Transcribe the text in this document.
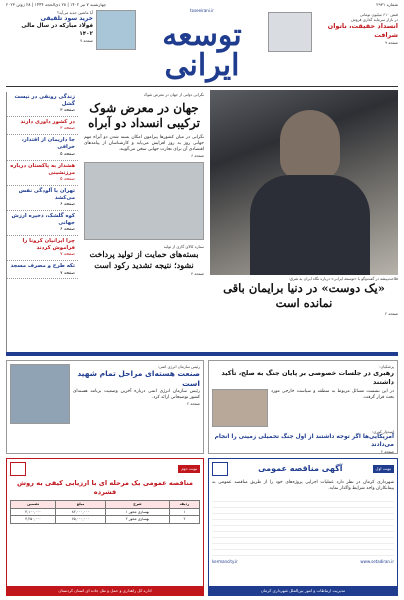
شماره ۲۹۳۱
چهارشنبه ۷ تیر ۱۴۰۲ | ۲۸ ذی‌الحجه ۱۴۴۴ | ۲۸ ژوئن ۲۰۲۳
قبض ۶۱۰ میلیون تومانی
در بازار سرمایه گذاری فروش
انسداد حقیقت، ناتوان شرافت
صفحه ۹
toseeirani.ir
توسعه ایرانی
آیا ماشین جدید می‌آید؟
خرید سود تلقیقی
فولاد مبارکه در سال مالی ۱۴۰۲
صفحه ۷
فلاحت‌پیشه در گفت‌وگو با «توسعه ایرانی» درباره نگاه ایران به شرق:
«یک دوست» در دنیا برایمان باقی نمانده است
صفحه ۲
نگرانی دولتی از جهان در معرض شوک
جهان در معرض شوک ترکیبی انسداد دو آبراه
نگرانی در میان کشورها پیرامون امکان بسته شدن دو آبراه مهم جهانی روز به روز افزایش می‌یابد و کارشناسان از پیامدهای اقتصادی آن برای تجارت جهانی سخن می‌گویند.
صفحه ۶
ستاره کالای گازی از تولید
بسته‌های حمایت از تولید پرداخت نشود؛ نتیجه تشدید رکود است
صفحه ۴
زندگی رونقی در نیست گشل
صفحه ۳
در کشور داوری دارند
صفحه ۳
جا داریمان از اقتدار، خرافی
صفحه ۵
هشدار به پاکستان درباره مرزنشینی
صفحه ۵
تهران با آلودگی نفس می‌کشد
صفحه ۶
کوه گلشک، ذخیره ارزش جهانی
صفحه ۶
چرا ایرانیان کرونا را فراموش کردند
صفحه ۷
تکه طرح و مصرف مسجد
صفحه ۷
رئیس سازمان انرژی اتمی:
صنعت هسته‌ای مراحل تمام شهید است
رئیس سازمان انرژی اتمی درباره آخرین وضعیت برنامه هسته‌ای کشور توضیحاتی ارائه کرد.
صفحه ۲
پزشکیان:
رهبری در جلسات خصوصی بر پایان جنگ به صلح، تأکید داشتند
در این نشست مسائل مربوط به منطقه و سیاست خارجی مورد بحث قرار گرفت.
امیدوار کوری:
آمریکایی‌ها اگر توجه داشتند از اول جنگ تحمیلی زمینی را انجام می‌دادند
صفحه ۲
نوبت دوم
مناقصه عمومی یک مرحله ای با ارزیابی کیفی به روش فشرده
ردیف	شرح	مبلغ	تضمین
۱	بهسازی محور ۱	۸۲,۰۰۰,۰۰۰	۴,۱۰۰,۰۰۰
۲	بهسازی محور ۲	۶۵,۰۰۰,۰۰۰	۳,۲۵۰,۰۰۰
اداره کل راهداری و حمل و نقل جاده ای استان کردستان
نوبت اول
آگهی مناقصه عمومی
شهرداری کرمان در نظر دارد عملیات اجرایی پروژه‌های خود را از طریق مناقصه عمومی به پیمانکاران واجد شرایط واگذار نماید.
www.setadiran.ir
kermancity.ir
مدیریت ارتباطات و امور بین‌الملل شهرداری کرمان
